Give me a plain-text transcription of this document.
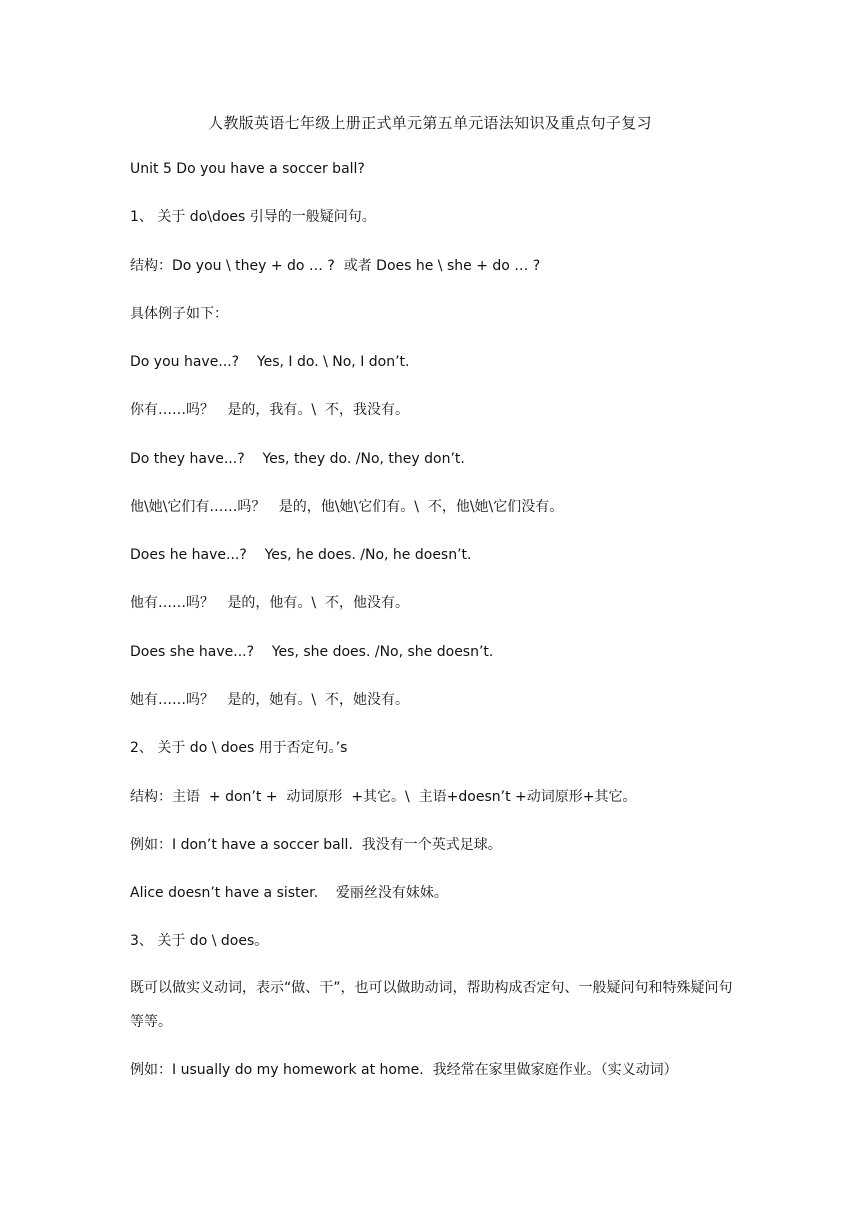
人教版英语七年级上册正式单元第五单元语法知识及重点句子复习
Unit 5 Do you have a soccer ball?
1、 关于 do\does 引导的一般疑问句。
结构：Do you \ they + do … ?  或者 Does he \ she + do … ?
具体例子如下：
Do you have...?    Yes, I do. \ No, I don’t.
你有……吗？   是的，我有。\  不，我没有。
Do they have...?    Yes, they do. /No, they don’t.
他\她\它们有……吗？   是的，他\她\它们有。\  不，他\她\它们没有。
Does he have...?    Yes, he does. /No, he doesn’t.
他有……吗？   是的，他有。\  不，他没有。
Does she have...?    Yes, she does. /No, she doesn’t.
她有……吗？   是的，她有。\  不，她没有。
2、 关于 do \ does 用于否定句。’s
结构：主语  + don’t +  动词原形  +其它。\  主语+doesn’t +动词原形+其它。
例如：I don’t have a soccer ball.  我没有一个英式足球。
Alice doesn’t have a sister.    爱丽丝没有妹妹。
3、 关于 do \ does。
既可以做实义动词，表示“做、干”，也可以做助动词，帮助构成否定句、一般疑问句和特殊疑问句等等。
例如：I usually do my homework at home.  我经常在家里做家庭作业。（实义动词）
